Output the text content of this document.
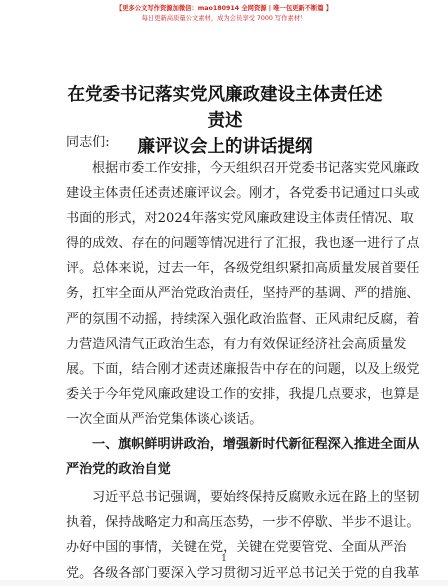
【更多公文写作资源加微信：mao180914 全网资源 | 唯一包更新不断篇 】
每日更新高质量公文素材，成为会员享受 7000 写作素材！
在党委书记落实党风廉政建设主体责任述责述
廉评议会上的讲话提纲
同志们:
根据市委工作安排，今天组织召开党委书记落实党风廉政
建设主体责任述责述廉评议会。刚才，各党委书记通过口头或
书面的形式，对2024年落实党风廉政建设主体责任情况、取
得的成效、存在的问题等情况进行了汇报，我也逐一进行了点
评。总体来说，过去一年，各级党组织紧扣高质量发展首要任
务，扛牢全面从严治党政治责任，坚持严的基调、严的措施、
严的氛围不动摇，持续深入强化政治监督、正风肃纪反腐，着
力营造风清气正政治生态，有力有效保证经济社会高质量发
展。下面，结合刚才述责述廉报告中存在的问题，以及上级党
委关于今年党风廉政建设工作的安排，我提几点要求，也算是
一次全面从严治党集体谈心谈话。
一、旗帜鲜明讲政治，增强新时代新征程深入推进全面从
严治党的政治自觉
习近平总书记强调，要始终保持反腐败永远在路上的坚韧
执着，保持战略定力和高压态势，一步不停歇、半步不退让。
办好中国的事情，关键在党，关键在党要管党、全面从严治
党。各级各部门要深入学习贯彻习近平总书记关于党的自我革
1
